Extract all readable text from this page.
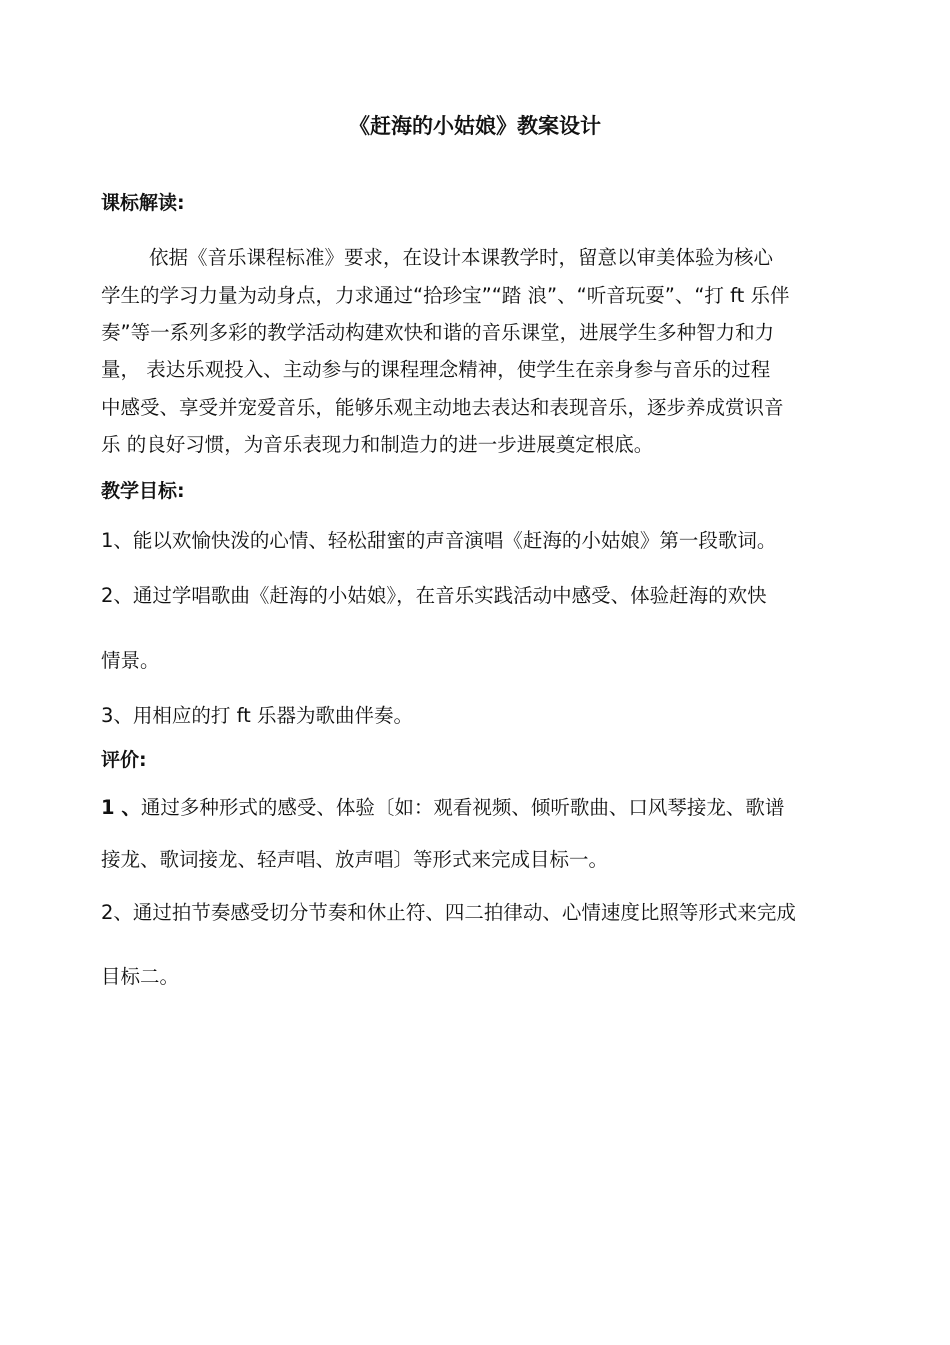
《赶海的小姑娘》教案设计
课标解读:
依据《音乐课程标准》要求，在设计本课教学时，留意以审美体验为核心
学生的学习力量为动身点，力求通过“拾珍宝”“踏 浪”、“听音玩耍”、“打 ft 乐伴
奏”等一系列多彩的教学活动构建欢快和谐的音乐课堂，进展学生多种智力和力
量， 表达乐观投入、主动参与的课程理念精神，使学生在亲身参与音乐的过程
中感受、享受并宠爱音乐，能够乐观主动地去表达和表现音乐，逐步养成赏识音
乐 的良好习惯，为音乐表现力和制造力的进一步进展奠定根底。
教学目标:
1、能以欢愉快泼的心情、轻松甜蜜的声音演唱《赶海的小姑娘》第一段歌词。
2、通过学唱歌曲《赶海的小姑娘》，在音乐实践活动中感受、体验赶海的欢快
情景。
3、用相应的打 ft 乐器为歌曲伴奏。
评价:
1 、通过多种形式的感受、体验〔如：观看视频、倾听歌曲、口风琴接龙、歌谱
接龙、歌词接龙、轻声唱、放声唱〕等形式来完成目标一。
2、通过拍节奏感受切分节奏和休止符、四二拍律动、心情速度比照等形式来完成
目标二。
